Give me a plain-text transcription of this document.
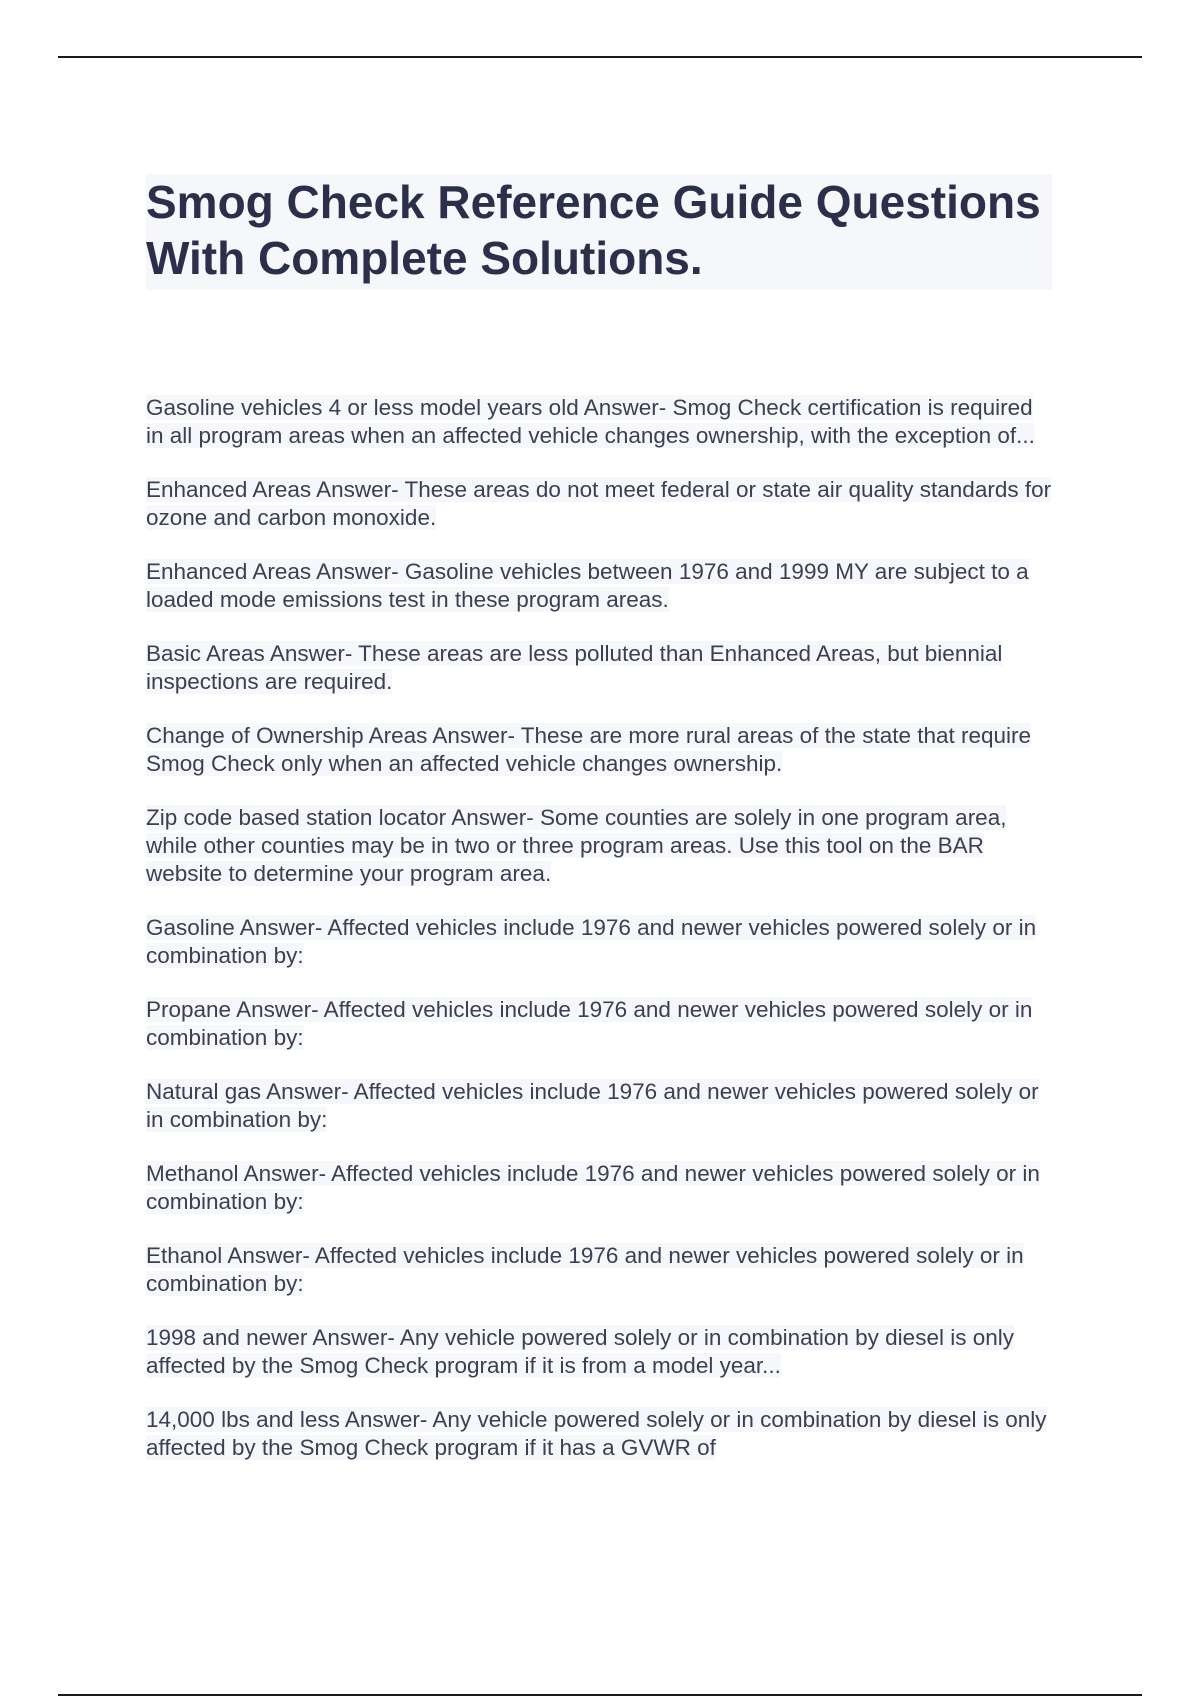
Smog Check Reference Guide Questions With Complete Solutions.
Gasoline vehicles 4 or less model years old Answer- Smog Check certification is required in all program areas when an affected vehicle changes ownership, with the exception of...
Enhanced Areas Answer- These areas do not meet federal or state air quality standards for ozone and carbon monoxide.
Enhanced Areas Answer- Gasoline vehicles between 1976 and 1999 MY are subject to a loaded mode emissions test in these program areas.
Basic Areas Answer- These areas are less polluted than Enhanced Areas, but biennial inspections are required.
Change of Ownership Areas Answer- These are more rural areas of the state that require Smog Check only when an affected vehicle changes ownership.
Zip code based station locator Answer- Some counties are solely in one program area, while other counties may be in two or three program areas. Use this tool on the BAR website to determine your program area.
Gasoline Answer- Affected vehicles include 1976 and newer vehicles powered solely or in combination by:
Propane Answer- Affected vehicles include 1976 and newer vehicles powered solely or in combination by:
Natural gas Answer- Affected vehicles include 1976 and newer vehicles powered solely or in combination by:
Methanol Answer- Affected vehicles include 1976 and newer vehicles powered solely or in combination by:
Ethanol Answer- Affected vehicles include 1976 and newer vehicles powered solely or in combination by:
1998 and newer Answer- Any vehicle powered solely or in combination by diesel is only affected by the Smog Check program if it is from a model year...
14,000 lbs and less Answer- Any vehicle powered solely or in combination by diesel is only affected by the Smog Check program if it has a GVWR of
